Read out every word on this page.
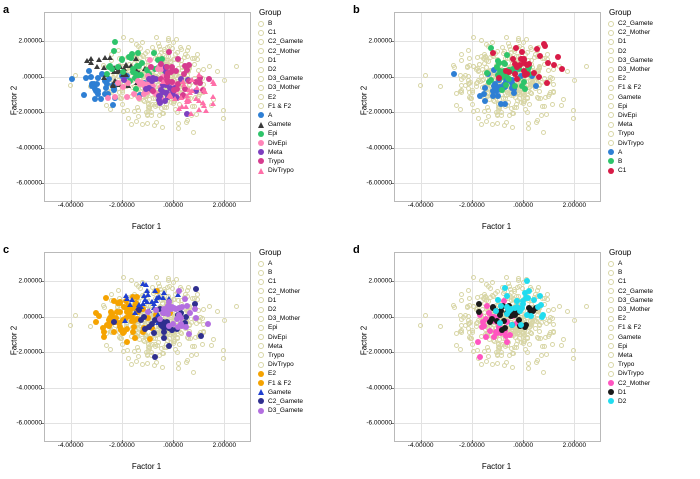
a
Factor 1
Factor 2
Group
B
C1
C2_Gamete
C2_Mother
D1
D2
D3_Gamete
D3_Mother
E2
F1 & F2
A
Gamete
Epi
DivEpi
Meta
Trypo
DivTrypo
-4.00000	-2.00000	.00000	2.00000
2.00000
.00000
-2.00000
-4.00000
-6.00000
b
Factor 1
Factor 2
Group
C2_Gamete
C2_Mother
D1
D2
D3_Gamete
D3_Mother
E2
F1 & F2
Gamete
Epi
DivEpi
Meta
Trypo
DivTrypo
A
B
C1
-4.00000	-2.00000	.00000	2.00000
2.00000
.00000
-2.00000
-4.00000
-6.00000
c
Factor 1
Factor 2
Group
A
B
C1
C2_Mother
D1
D2
D3_Mother
Epi
DivEpi
Meta
Trypo
DivTrypo
E2
F1 & F2
Gamete
C2_Gamete
D3_Gamete
-4.00000	-2.00000	.00000	2.00000
2.00000
.00000
-2.00000
-4.00000
-6.00000
d
Factor 1
Factor 2
Group
A
B
C1
C2_Gamete
D3_Gamete
D3_Mother
E2
F1 & F2
Gamete
Epi
Meta
Trypo
DivTrypo
C2_Mother
D1
D2
-4.00000	-2.00000	.00000	2.00000
2.00000
.00000
-2.00000
-4.00000
-6.00000
